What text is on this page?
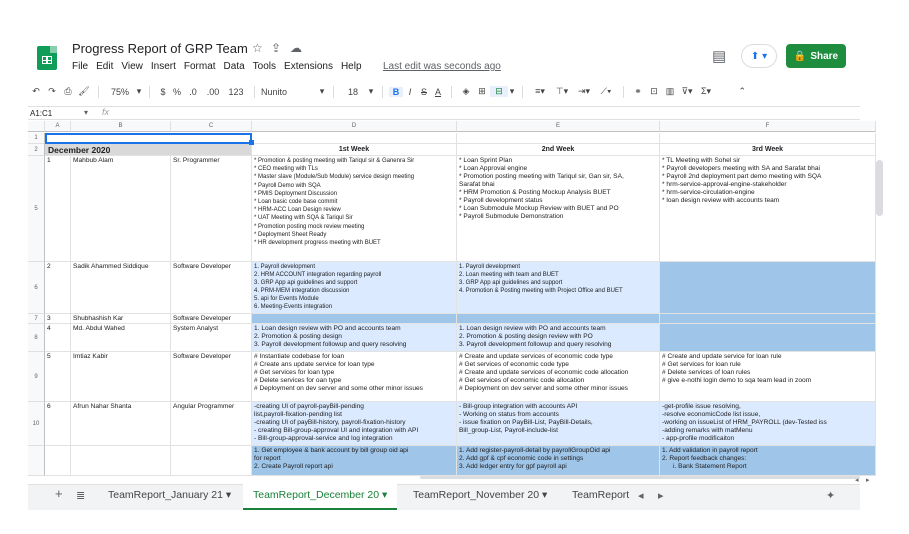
Progress Report of GRP Team ☆ ⇪ ☁
File Edit View Insert Format Data Tools Extensions Help Last edit was seconds ago
▤ ⬆ ▾	🔒 Share
↶ ↷ ⎙ 🖌	75% ▾	$ % .0	.00	123	Nunito	▾	18	▾	B	I	S A	◈ ⊞	⊟ ▾	≡▾	⊤▾	⇥▾	⟋▾	⚭ ⊡ ▥ ⊽▾ Σ▾	⌃
A1:C1	▾ fx
A	B	C	D	E	F
1
2	December 2020	1st Week	2nd Week	3rd Week
5
1	Mahbub Alam	Sr. Programmer	* Promotion & posting meeting with Tariqul sir & Ganenra Sir
* CEO meeting with TLs
* Master slave (Module/Sub Module) service design meeting
* Payroll Demo with SQA
* PMIS Deployment Discussion
* Loan basic code base commit
* HRM-ACC Loan Design review
* UAT Meeting with SQA & Tariqul Sir
* Promotion posting mock review meeting
* Deployment Sheet Ready
* HR development progress meeting with BUET
* Loan Sprint Plan
* Loan Approval engine
* Promotion posting meeting with Tariqul sir, Gan sir, SA,
Sarafat bhai
* HRM Promotion & Posting Mockup Analysis BUET
* Payroll development status
* Loan Submodule Mockup Review with BUET and PO
* Payroll Submodule Demonstration
* TL Meeting with Sohel sir
* Payroll developers meeting with SA and Sarafat bhai
* Payroll 2nd deployment part demo meeting with SQA
* hrm-service-approval-engine-stakeholder
* hrm-service-circulation-engine
* loan design review with accounts team
6
2	Sadik Ahammed Siddique	Software Developer	1. Payroll development
2. HRM ACCOUNT integration regarding payroll
3. GRP App api guidelines and support
4. PRM-MEM integration discussion
5. api for Events Module
6. Meeting-Events integration
1. Payroll development
2. Loan meeting with team and BUET
3. GRP App api guidelines and support
4. Promotion & Posting meeting with Project Office and BUET
7	3	Shubhashish Kar	Software Developer
8
4	Md. Abdul Wahed	System Analyst	1. Loan design review with PO and accounts team
2. Promotion & posting design
3. Payroll development followup and query resolving
1. Loan design review with PO and accounts team
2. Promotion & posting design review with PO
3. Payroll development followup and query resolving
9
5	Imtiaz Kabir	Software Developer	# Instantiate codebase for loan
# Create ans update service for loan type
# Get services for loan type
# Delete services for oan type
# Deployment on dev server and some other minor issues
# Create and update services of economic code type
# Get services of economic code type
# Create and update services of economic code allocation
# Get services of economic code allocation
# Deployment on dev server and some other minor issues
# Create and update service for loan rule
# Get services for loan rule
# Delete services of loan rules
# give e-nothi login demo to sqa team lead in zoom
10
6	Afrun Nahar Shanta	Angular Programmer	-creating UI of payroll-payBill-pending
list,payroll-fixation-pending list
-creating UI of payBill-history, payroll-fixation-history
- creating Bill-group-approval UI and integration with API
- Bill-group-approval-service and log integration
- Bill-group integration with accounts API
- Working on status from accounts
- issue fixation on PayBill-List, PayBill-Details,
Bill_group-List, Payroll-include-list
-get-profile issue resolving,
-resolve economicCode list issue,
-working on issueList of HRM_PAYROLL (dev-Tested iss
-adding remarks with matMenu
- app-profile modificaiton
1. Get employee & bank account by bill group oid api
for report
2. Create Payroll report api
1. Add register-payroll-detail by payrollGroupOid api
2. Add gpf & cpf economic code in settings
3. Add ledger entry for gpf payroll api
1. Add validation in payroll report
2. Report feedback changes:
i. Bank Statement Report
◂ ▸
+ ≣ TeamReport_January 21 ▾	TeamReport_December 20 ▾	TeamReport_November 20 ▾ TeamReport ◂ ▸	✦
